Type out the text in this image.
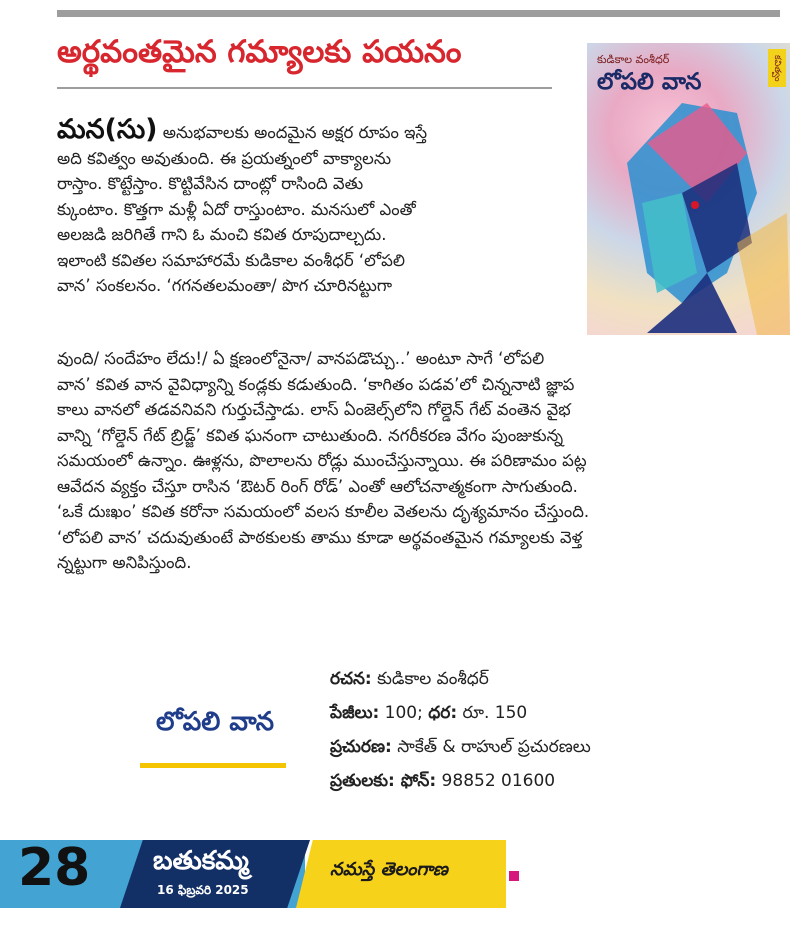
అర్థవంతమైన గమ్యాలకు పయనం	కుడికాల వంశీధర్
లోపలి వాన
కవిత్వం
మన(సు) అనుభవాలకు అందమైన అక్షర రూపం ఇస్తే
అది కవిత్వం అవుతుంది. ఈ ప్రయత్నంలో వాక్యాలను
రాస్తాం. కొట్టేస్తాం. కొట్టివేసిన దాంట్లో రాసింది వెతు
క్కుంటాం. కొత్తగా మళ్లీ ఏదో రాస్తుంటాం. మనసులో ఎంతో
అలజడి జరిగితే గాని ఓ మంచి కవిత రూపుదాల్చదు.
ఇలాంటి కవితల సమాహారమే కుడికాల వంశీధర్ ‘లోపలి
వాన’ సంకలనం. ‘గగనతలమంతా/ పొగ చూరినట్టుగా
వుంది/ సందేహం లేదు!/ ఏ క్షణంలోనైనా/ వానపడొచ్చు..’ అంటూ సాగే ‘లోపలి
వాన’ కవిత వాన వైవిధ్యాన్ని కండ్లకు కడుతుంది. ‘కాగితం పడవ’లో చిన్ననాటి జ్ఞాప
కాలు వానలో తడవనివని గుర్తుచేస్తాడు. లాస్ ఏంజెల్స్‌లోని గోల్డెన్ గేట్ వంతెన వైభ
వాన్ని ‘గోల్డెన్ గేట్ బ్రిడ్జ్’ కవిత ఘనంగా చాటుతుంది. నగరీకరణ వేగం పుంజుకున్న
సమయంలో ఉన్నాం. ఊళ్లను, పొలాలను రోడ్లు ముంచేస్తున్నాయి. ఈ పరిణామం పట్ల
ఆవేదన వ్యక్తం చేస్తూ రాసిన ‘ఔటర్ రింగ్ రోడ్’ ఎంతో ఆలోచనాత్మకంగా సాగుతుంది.
‘ఒకే దుఃఖం’ కవిత కరోనా సమయంలో వలస కూలీల వెతలను దృశ్యమానం చేస్తుంది.
‘లోపలి వాన’ చదువుతుంటే పాఠకులకు తాము కూడా అర్థవంతమైన గమ్యాలకు వెళ్త
న్నట్టుగా అనిపిస్తుంది.
లోపలి వాన
రచన: కుడికాల వంశీధర్
పేజీలు: 100; ధర: రూ. 150
ప్రచురణ: సాకేత్ & రాహుల్ ప్రచురణలు
ప్రతులకు: ఫోన్: 98852 01600
28 బతుకమ్మ
16 ఫిబ్రవరి 2025
నమస్తే తెలంగాణ
